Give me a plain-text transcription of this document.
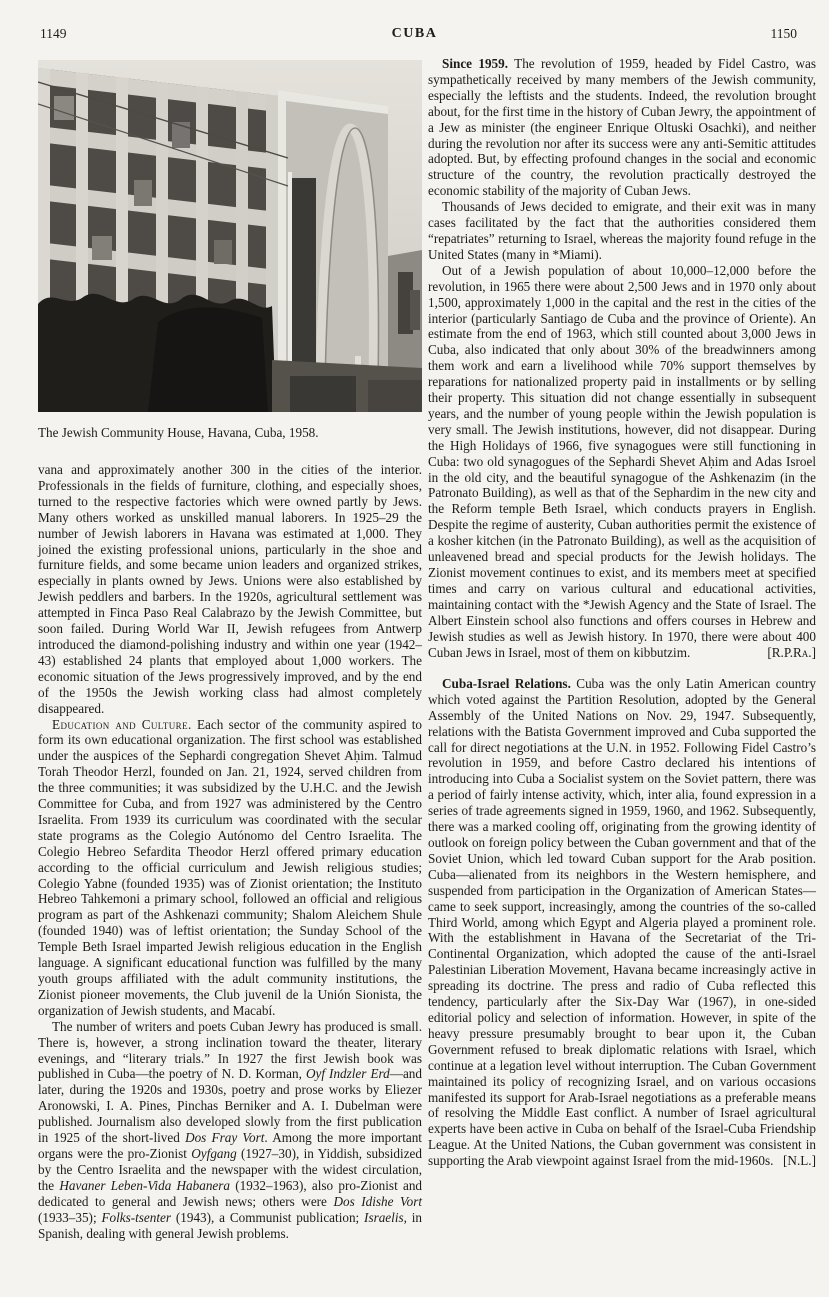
1149	CUBA	1150
The Jewish Community House, Havana, Cuba, 1958.

vana and approximately another 300 in the cities of the interior. Professionals in the fields of furniture, clothing, and especially shoes, turned to the respective factories which were owned partly by Jews. Many others worked as unskilled manual laborers. In 1925–29 the number of Jewish laborers in Havana was estimated at 1,000. They joined the existing professional unions, particularly in the shoe and furniture fields, and some became union leaders and organized strikes, especially in plants owned by Jews. Unions were also established by Jewish peddlers and barbers. In the 1920s, agricultural settlement was attempted in Finca Paso Real Calabrazo by the Jewish Committee, but soon failed. During World War II, Jewish refugees from Antwerp introduced the diamond-polishing industry and within one year (1942–43) established 24 plants that employed about 1,000 workers. The economic situation of the Jews progressively improved, and by the end of the 1950s the Jewish working class had almost completely disappeared.

Education and Culture. Each sector of the community aspired to form its own educational organization. The first school was established under the auspices of the Sephardi congregation Shevet Aḥim. Talmud Torah Theodor Herzl, founded on Jan. 21, 1924, served children from the three communities; it was subsidized by the U.H.C. and the Jewish Committee for Cuba, and from 1927 was administered by the Centro Israelita. From 1939 its curriculum was coordinated with the secular state programs as the Colegio Autónomo del Centro Israelita. The Colegio Hebreo Sefardita Theodor Herzl offered primary education according to the official curriculum and Jewish religious studies; Colegio Yabne (founded 1935) was of Zionist orientation; the Instituto Hebreo Tahkemoni a primary school, followed an official and religious program as part of the Ashkenazi community; Shalom Aleichem Shule (founded 1940) was of leftist orientation; the Sunday School of the Temple Beth Israel imparted Jewish religious education in the English language. A significant educational function was fulfilled by the many youth groups affiliated with the adult community institutions, the Zionist pioneer movements, the Club juvenil de la Unión Sionista, the organization of Jewish students, and Macabí.

The number of writers and poets Cuban Jewry has produced is small. There is, however, a strong inclination toward the theater, literary evenings, and “literary trials.” In 1927 the first Jewish book was published in Cuba—the poetry of N. D. Korman, Oyf Indzler Erd—and later, during the 1920s and 1930s, poetry and prose works by Eliezer Aronowski, I. A. Pines, Pinchas Berniker and A. I. Dubelman were published. Journalism also developed slowly from the first publication in 1925 of the short-lived Dos Fray Vort. Among the more important organs were the pro-Zionist Oyfgang (1927–30), in Yiddish, subsidized by the Centro Israelita and the newspaper with the widest circulation, the Havaner Leben-Vida Habanera (1932–1963), also pro-Zionist and dedicated to general and Jewish news; others were Dos Idishe Vort (1933–35); Folks-tsenter (1943), a Communist publication; Israelis, in Spanish, dealing with general Jewish problems.

Since 1959. The revolution of 1959, headed by Fidel Castro, was sympathetically received by many members of the Jewish community, especially the leftists and the students. Indeed, the revolution brought about, for the first time in the history of Cuban Jewry, the appointment of a Jew as minister (the engineer Enrique Oltuski Osachki), and neither during the revolution nor after its success were any anti-Semitic attitudes adopted. But, by effecting profound changes in the social and economic structure of the country, the revolution practically destroyed the economic stability of the majority of Cuban Jews.

Thousands of Jews decided to emigrate, and their exit was in many cases facilitated by the fact that the authorities considered them “repatriates” returning to Israel, whereas the majority found refuge in the United States (many in *Miami).

Out of a Jewish population of about 10,000–12,000 before the revolution, in 1965 there were about 2,500 Jews and in 1970 only about 1,500, approximately 1,000 in the capital and the rest in the cities of the interior (particularly Santiago de Cuba and the province of Oriente). An estimate from the end of 1963, which still counted about 3,000 Jews in Cuba, also indicated that only about 30% of the breadwinners among them work and earn a livelihood while 70% support themselves by reparations for nationalized property paid in installments or by selling their property. This situation did not change essentially in subsequent years, and the number of young people within the Jewish population is very small. The Jewish institutions, however, did not disappear. During the High Holidays of 1966, five synagogues were still functioning in Cuba: two old synagogues of the Sephardi Shevet Aḥim and Adas Isroel in the old city, and the beautiful synagogue of the Ashkenazim (in the Patronato Building), as well as that of the Sephardim in the new city and the Reform temple Beth Israel, which conducts prayers in English. Despite the regime of austerity, Cuban authorities permit the existence of a kosher kitchen (in the Patronato Building), as well as the acquisition of unleavened bread and special products for the Jewish holidays. The Zionist movement continues to exist, and its members meet at specified times and carry on various cultural and educational activities, maintaining contact with the *Jewish Agency and the State of Israel. The Albert Einstein school also functions and offers courses in Hebrew and Jewish studies as well as Jewish history. In 1970, there were about 400 Cuban Jews in Israel, most of them on kibbutzim.	[R.P.Ra.]

Cuba-Israel Relations. Cuba was the only Latin American country which voted against the Partition Resolution, adopted by the General Assembly of the United Nations on Nov. 29, 1947. Subsequently, relations with the Batista Government improved and Cuba supported the call for direct negotiations at the U.N. in 1952. Following Fidel Castro’s revolution in 1959, and before Castro declared his intentions of introducing into Cuba a Socialist system on the Soviet pattern, there was a period of fairly intense activity, which, inter alia, found expression in a series of trade agreements signed in 1959, 1960, and 1962. Subsequently, there was a marked cooling off, originating from the growing identity of outlook on foreign policy between the Cuban government and that of the Soviet Union, which led toward Cuban support for the Arab position. Cuba—alienated from its neighbors in the Western hemisphere, and suspended from participation in the Organization of American States—came to seek support, increasingly, among the countries of the so-called Third World, among which Egypt and Algeria played a prominent role. With the establishment in Havana of the Secretariat of the Tri-Continental Organization, which adopted the cause of the anti-Israel Palestinian Liberation Movement, Havana became increasingly active in spreading its doctrine. The press and radio of Cuba reflected this tendency, particularly after the Six-Day War (1967), in one-sided editorial policy and selection of information. However, in spite of the heavy pressure presumably brought to bear upon it, the Cuban Government refused to break diplomatic relations with Israel, which continue at a legation level without interruption. The Cuban Government maintained its policy of recognizing Israel, and on various occasions manifested its support for Arab-Israel negotiations as a preferable means of resolving the Middle East conflict. A number of Israel agricultural experts have been active in Cuba on behalf of the Israel-Cuba Friendship League. At the United Nations, the Cuban government was consistent in supporting the Arab viewpoint against Israel from the mid-1960s. [N.L.]
